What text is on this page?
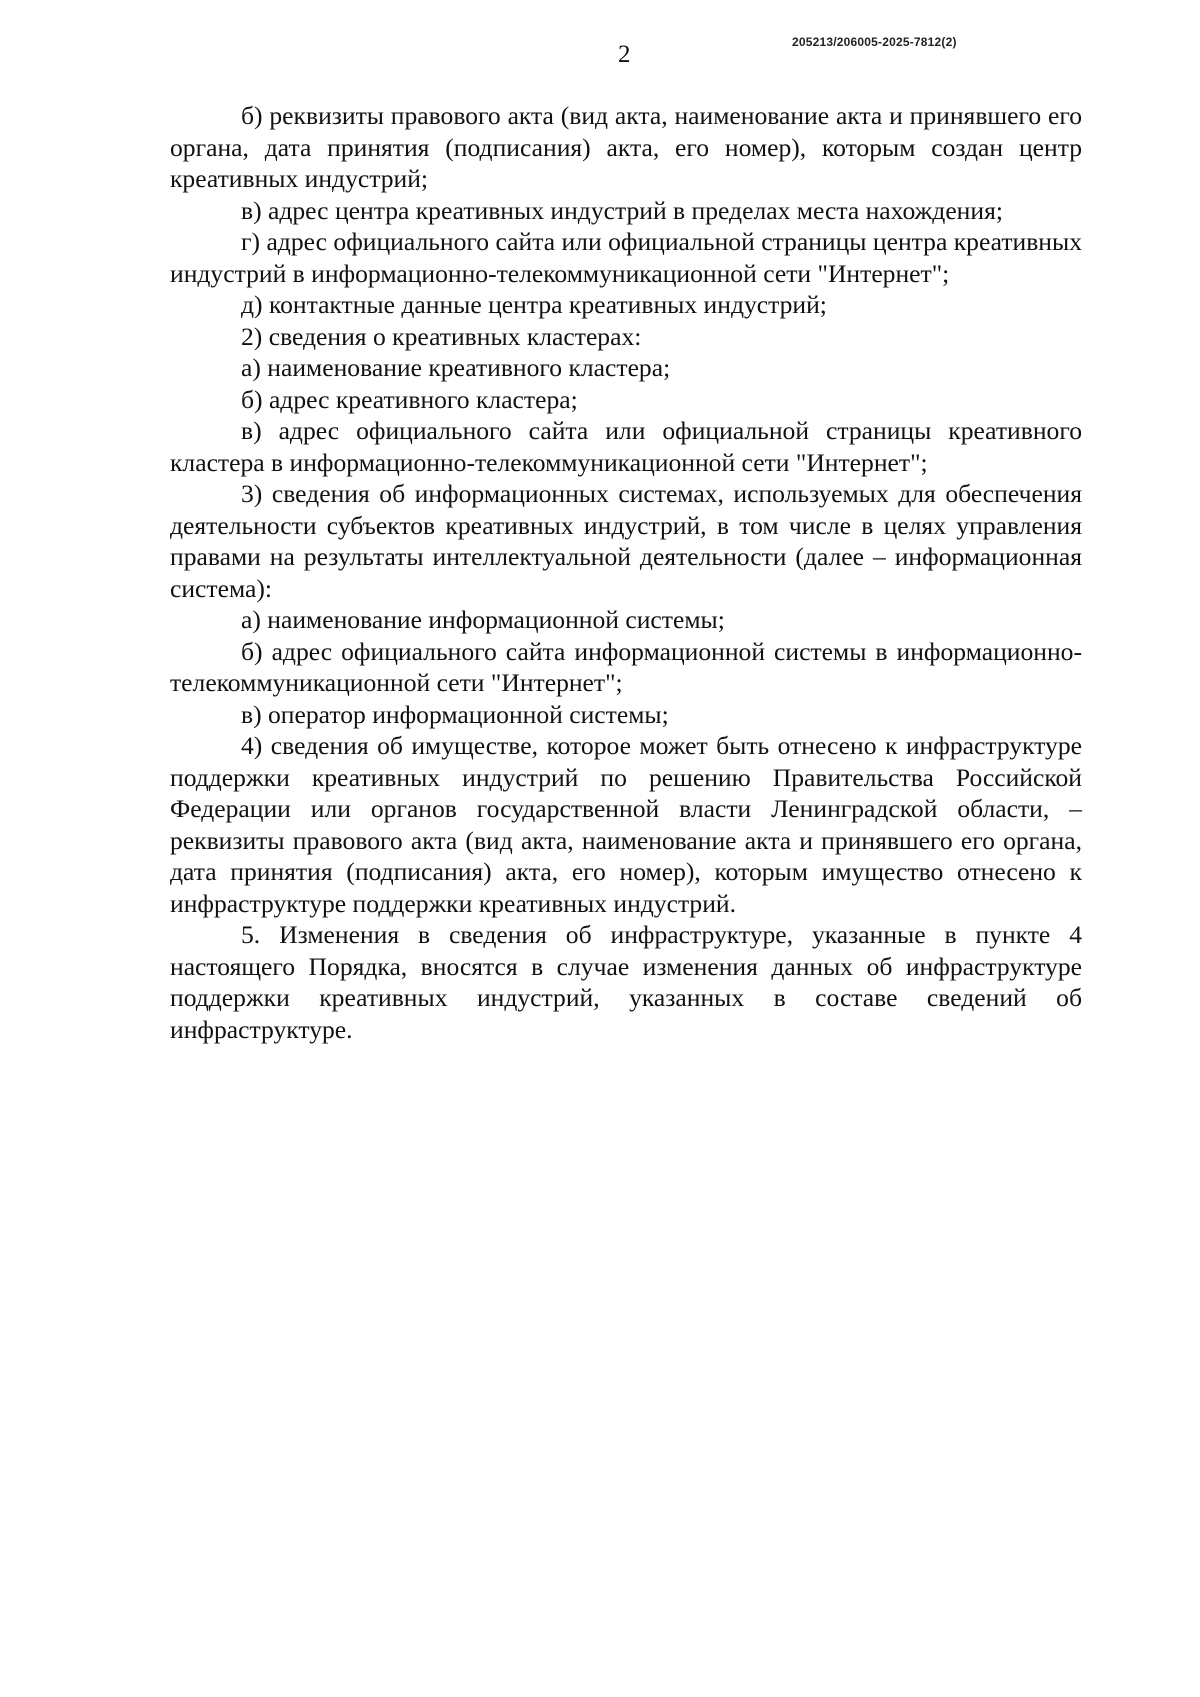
2	205213/206005-2025-7812(2)

б) реквизиты правового акта (вид акта, наименование акта и принявшего его органа, дата принятия (подписания) акта, его номер), которым создан центр креативных индустрий;

в) адрес центра креативных индустрий в пределах места нахождения;

г) адрес официального сайта или официальной страницы центра креативных индустрий в информационно-телекоммуникационной сети "Интернет";

д) контактные данные центра креативных индустрий;

2) сведения о креативных кластерах:

а) наименование креативного кластера;

б) адрес креативного кластера;

в) адрес официального сайта или официальной страницы креативного кластера в информационно-телекоммуникационной сети "Интернет";

3) сведения об информационных системах, используемых для обеспечения деятельности субъектов креативных индустрий, в том числе в целях управления правами на результаты интеллектуальной деятельности (далее – информационная система):

а) наименование информационной системы;

б) адрес официального сайта информационной системы в информационно-телекоммуникационной сети "Интернет";

в) оператор информационной системы;

4) сведения об имуществе, которое может быть отнесено к инфраструктуре поддержки креативных индустрий по решению Правительства Российской Федерации или органов государственной власти Ленинградской области, – реквизиты правового акта (вид акта, наименование акта и принявшего его органа, дата принятия (подписания) акта, его номер), которым имущество отнесено к инфраструктуре поддержки креативных индустрий.

5. Изменения в сведения об инфраструктуре, указанные в пункте 4 настоящего Порядка, вносятся в случае изменения данных об инфраструктуре поддержки креативных индустрий, указанных в составе сведений об инфраструктуре.
